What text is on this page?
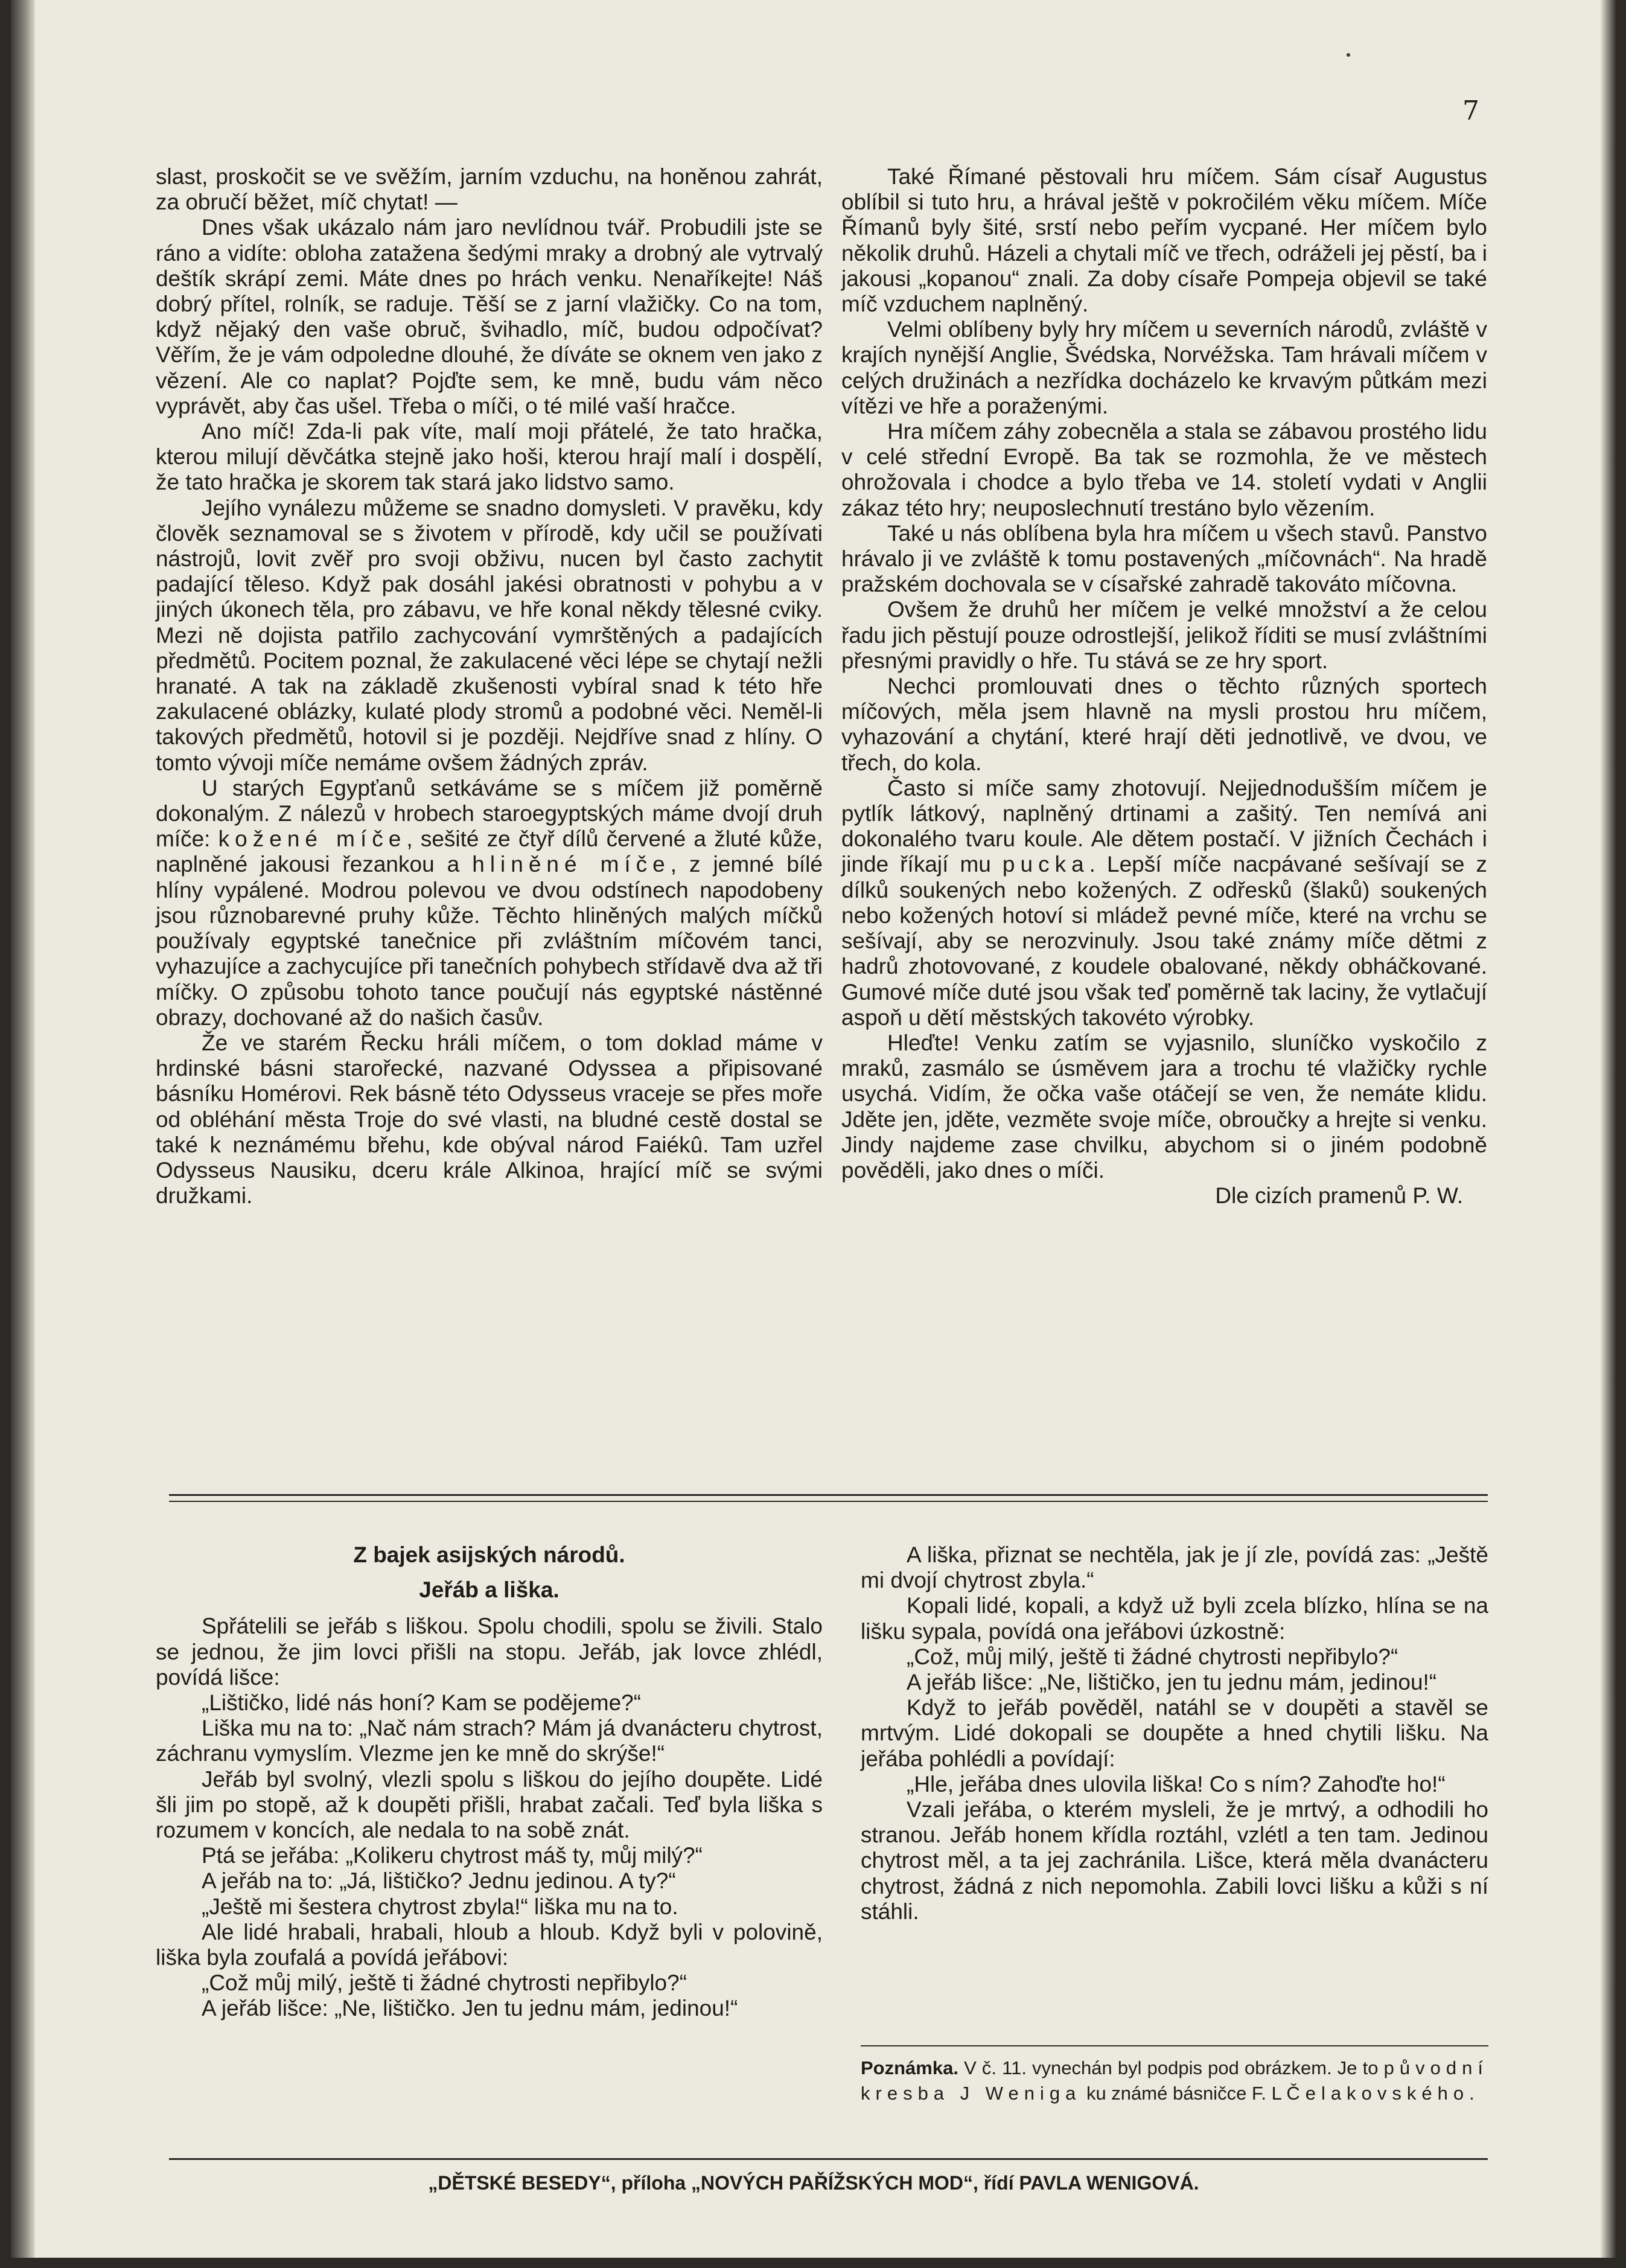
7

slast, proskočit se ve svěžím, jarním vzduchu, na honěnou zahrát, za obručí běžet, míč chytat! —

Dnes však ukázalo nám jaro nevlídnou tvář. Probudili jste se ráno a vidíte: obloha zatažena šedými mraky a drobný ale vytrvalý deštík skrápí zemi. Máte dnes po hrách venku. Nenaříkejte! Náš dobrý přítel, rolník, se raduje. Těší se z jarní vlažičky. Co na tom, když nějaký den vaše obruč, švihadlo, míč, budou odpočívat? Věřím, že je vám odpoledne dlouhé, že díváte se oknem ven jako z vězení. Ale co naplat? Pojďte sem, ke mně, budu vám něco vyprávět, aby čas ušel. Třeba o míči, o té milé vaší hračce.

Ano míč! Zda-li pak víte, malí moji přátelé, že tato hračka, kterou milují děvčátka stejně jako hoši, kterou hrají malí i dospělí, že tato hračka je skorem tak stará jako lidstvo samo.

Jejího vynálezu můžeme se snadno domysleti. V pravěku, kdy člověk seznamoval se s životem v přírodě, kdy učil se používati nástrojů, lovit zvěř pro svoji obživu, nucen byl často zachytit padající těleso. Když pak dosáhl jakési obratnosti v pohybu a v jiných úkonech těla, pro zábavu, ve hře konal někdy tělesné cviky. Mezi ně dojista patřilo zachycování vymrštěných a padajících předmětů. Pocitem poznal, že zakulacené věci lépe se chytají nežli hranaté. A tak na základě zkušenosti vybíral snad k této hře zakulacené oblázky, kulaté plody stromů a podobné věci. Neměl-li takových předmětů, hotovil si je později. Nejdříve snad z hlíny. O tomto vývoji míče nemáme ovšem žádných zpráv.

U starých Egypťanů setkáváme se s míčem již poměrně dokonalým. Z nálezů v hrobech staroegyptských máme dvojí druh míče: kožené míče, sešité ze čtyř dílů červené a žluté kůže, naplněné jakousi řezankou a hliněné míče, z jemné bílé hlíny vypálené. Modrou polevou ve dvou odstínech napodobeny jsou různobarevné pruhy kůže. Těchto hliněných malých míčků používaly egyptské tanečnice při zvláštním míčovém tanci, vyhazujíce a zachycujíce při tanečních pohybech střídavě dva až tři míčky. O způsobu tohoto tance poučují nás egyptské nástěnné obrazy, dochované až do našich časův.

Že ve starém Řecku hráli míčem, o tom doklad máme v hrdinské básni starořecké, nazvané Odyssea a připisované básníku Homérovi. Rek básně této Odysseus vraceje se přes moře od obléhání města Troje do své vlasti, na bludné cestě dostal se také k neznámému břehu, kde obýval národ Faiékû. Tam uzřel Odysseus Nausiku, dceru krále Alkinoa, hrající míč se svými družkami.

Také Římané pěstovali hru míčem. Sám císař Augustus oblíbil si tuto hru, a hrával ještě v pokročilém věku míčem. Míče Římanů byly šité, srstí nebo peřím vycpané. Her míčem bylo několik druhů. Házeli a chytali míč ve třech, odráželi jej pěstí, ba i jakousi „kopanou“ znali. Za doby císaře Pompeja objevil se také míč vzduchem naplněný.

Velmi oblíbeny byly hry míčem u severních národů, zvláště v krajích nynější Anglie, Švédska, Norvéžska. Tam hrávali míčem v celých družinách a nezřídka docházelo ke krvavým půtkám mezi vítězi ve hře a poraženými.

Hra míčem záhy zobecněla a stala se zábavou prostého lidu v celé střední Evropě. Ba tak se rozmohla, že ve městech ohrožovala i chodce a bylo třeba ve 14. století vydati v Anglii zákaz této hry; neuposlechnutí trestáno bylo vězením.

Také u nás oblíbena byla hra míčem u všech stavů. Panstvo hrávalo ji ve zvláště k tomu postavených „míčovnách“. Na hradě pražském dochovala se v císařské zahradě takováto míčovna.

Ovšem že druhů her míčem je velké množství a že celou řadu jich pěstují pouze odrostlejší, jelikož říditi se musí zvláštními přesnými pravidly o hře. Tu stává se ze hry sport.

Nechci promlouvati dnes o těchto různých sportech míčových, měla jsem hlavně na mysli prostou hru míčem, vyhazování a chytání, které hrají děti jednotlivě, ve dvou, ve třech, do kola.

Často si míče samy zhotovují. Nejjednodušším míčem je pytlík látkový, naplněný drtinami a zašitý. Ten nemívá ani dokonalého tvaru koule. Ale dětem postačí. V jižních Čechách i jinde říkají mu pucka. Lepší míče nacpávané sešívají se z dílků soukených nebo kožených. Z odřesků (šlaků) soukených nebo kožených hotoví si mládež pevné míče, které na vrchu se sešívají, aby se nerozvinuly. Jsou také známy míče dětmi z hadrů zhotovované, z koudele obalované, někdy obháčkované. Gumové míče duté jsou však teď poměrně tak laciny, že vytlačují aspoň u dětí městských takovéto výrobky.

Hleďte! Venku zatím se vyjasnilo, sluníčko vyskočilo z mraků, zasmálo se úsměvem jara a trochu té vlažičky rychle usychá. Vidím, že očka vaše otáčejí se ven, že nemáte klidu. Jděte jen, jděte, vezměte svoje míče, obroučky a hrejte si venku. Jindy najdeme zase chvilku, abychom si o jiném podobně pověděli, jako dnes o míči.

Dle cizích pramenů P. W.

Z bajek asijských národů.

Jeřáb a liška.

Spřátelili se jeřáb s liškou. Spolu chodili, spolu se živili. Stalo se jednou, že jim lovci přišli na stopu. Jeřáb, jak lovce zhlédl, povídá lišce:

„Lištičko, lidé nás honí? Kam se podějeme?“

Liška mu na to: „Nač nám strach? Mám já dvanácteru chytrost, záchranu vymyslím. Vlezme jen ke mně do skrýše!“

Jeřáb byl svolný, vlezli spolu s liškou do jejího doupěte. Lidé šli jim po stopě, až k doupěti přišli, hrabat začali. Teď byla liška s rozumem v koncích, ale nedala to na sobě znát.

Ptá se jeřába: „Kolikeru chytrost máš ty, můj milý?“

A jeřáb na to: „Já, lištičko? Jednu jedinou. A ty?“

„Ještě mi šestera chytrost zbyla!“ liška mu na to.

Ale lidé hrabali, hrabali, hloub a hloub. Když byli v polovině, liška byla zoufalá a povídá jeřábovi:

„Což můj milý, ještě ti žádné chytrosti nepřibylo?“

A jeřáb lišce: „Ne, lištičko. Jen tu jednu mám, jedinou!“

A liška, přiznat se nechtěla, jak je jí zle, povídá zas: „Ještě mi dvojí chytrost zbyla.“

Kopali lidé, kopali, a když už byli zcela blízko, hlína se na lišku sypala, povídá ona jeřábovi úzkostně:

„Což, můj milý, ještě ti žádné chytrosti nepřibylo?“

A jeřáb lišce: „Ne, lištičko, jen tu jednu mám, jedinou!“

Když to jeřáb pověděl, natáhl se v doupěti a stavěl se mrtvým. Lidé dokopali se doupěte a hned chytili lišku. Na jeřába pohlédli a povídají:

„Hle, jeřába dnes ulovila liška! Co s ním? Zahoďte ho!“

Vzali jeřába, o kterém mysleli, že je mrtvý, a odhodili ho stranou. Jeřáb honem křídla roztáhl, vzlétl a ten tam. Jedinou chytrost měl, a ta jej zachránila. Lišce, která měla dvanácteru chytrost, žádná z nich nepomohla. Zabili lovci lišku a kůži s ní stáhli.

Poznámka. V č. 11. vynechán byl podpis pod obrázkem. Je to původní kresba J Weniga ku známé básničce F. L Čelakovského.
„DĚTSKÉ BESEDY“, příloha „NOVÝCH PAŘÍŽSKÝCH MOD“, řídí PAVLA WENIGOVÁ.
